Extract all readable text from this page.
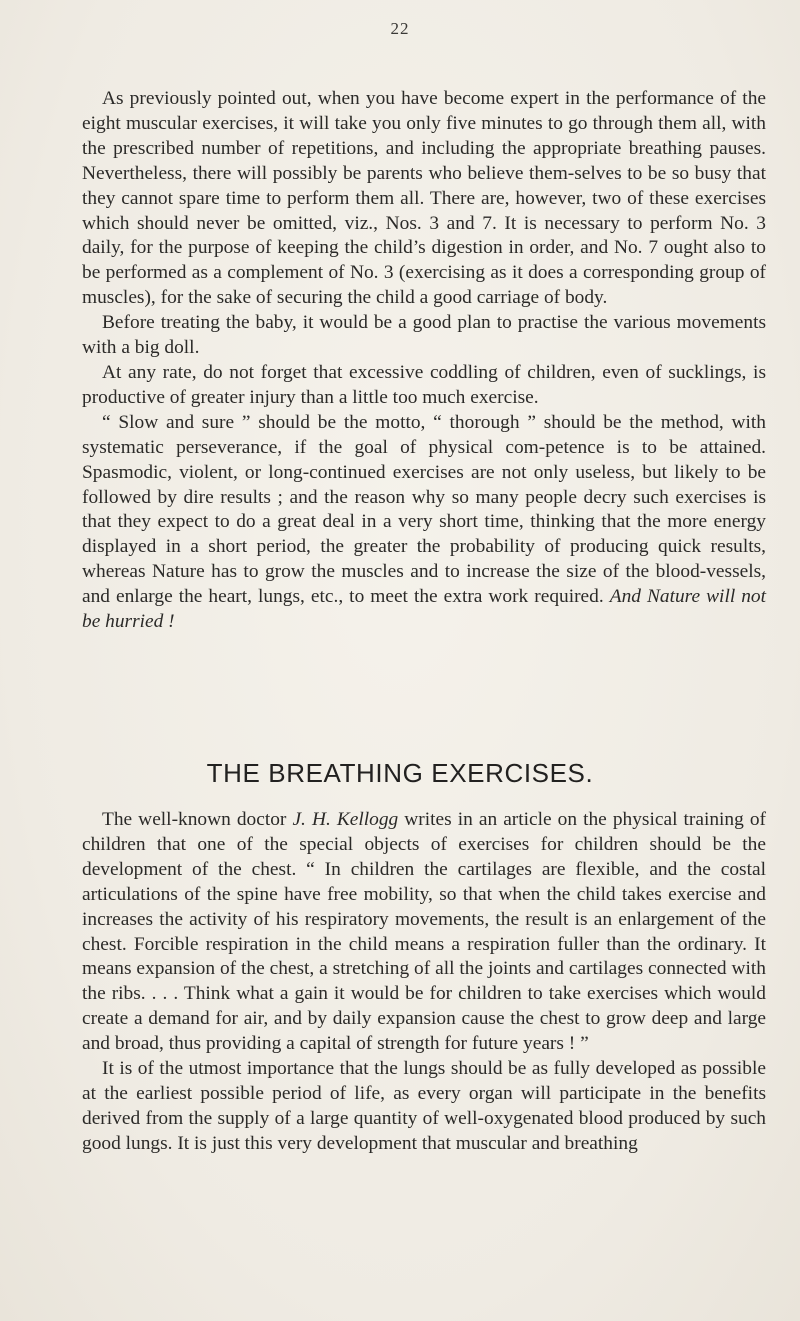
22

As previously pointed out, when you have become expert in the performance of the eight muscular exercises, it will take you only five minutes to go through them all, with the prescribed number of repetitions, and including the appropriate breathing pauses. Nevertheless, there will possibly be parents who believe them-selves to be so busy that they cannot spare time to perform them all. There are, however, two of these exercises which should never be omitted, viz., Nos. 3 and 7. It is necessary to perform No. 3 daily, for the purpose of keeping the child’s digestion in order, and No. 7 ought also to be performed as a complement of No. 3 (exercising as it does a corresponding group of muscles), for the sake of securing the child a good carriage of body.

Before treating the baby, it would be a good plan to practise the various movements with a big doll.

At any rate, do not forget that excessive coddling of children, even of sucklings, is productive of greater injury than a little too much exercise.

“ Slow and sure ” should be the motto, “ thorough ” should be the method, with systematic perseverance, if the goal of physical com-petence is to be attained. Spasmodic, violent, or long-continued exercises are not only useless, but likely to be followed by dire results ; and the reason why so many people decry such exercises is that they expect to do a great deal in a very short time, thinking that the more energy displayed in a short period, the greater the probability of producing quick results, whereas Nature has to grow the muscles and to increase the size of the blood-vessels, and enlarge the heart, lungs, etc., to meet the extra work required. And Nature will not be hurried !

THE BREATHING EXERCISES.

The well-known doctor J. H. Kellogg writes in an article on the physical training of children that one of the special objects of exercises for children should be the development of the chest. “ In children the cartilages are flexible, and the costal articulations of the spine have free mobility, so that when the child takes exercise and increases the activity of his respiratory movements, the result is an enlargement of the chest. Forcible respiration in the child means a respiration fuller than the ordinary. It means expansion of the chest, a stretching of all the joints and cartilages connected with the ribs. . . . Think what a gain it would be for children to take exercises which would create a demand for air, and by daily expansion cause the chest to grow deep and large and broad, thus providing a capital of strength for future years ! ”

It is of the utmost importance that the lungs should be as fully developed as possible at the earliest possible period of life, as every organ will participate in the benefits derived from the supply of a large quantity of well-oxygenated blood produced by such good lungs. It is just this very development that muscular and breathing
